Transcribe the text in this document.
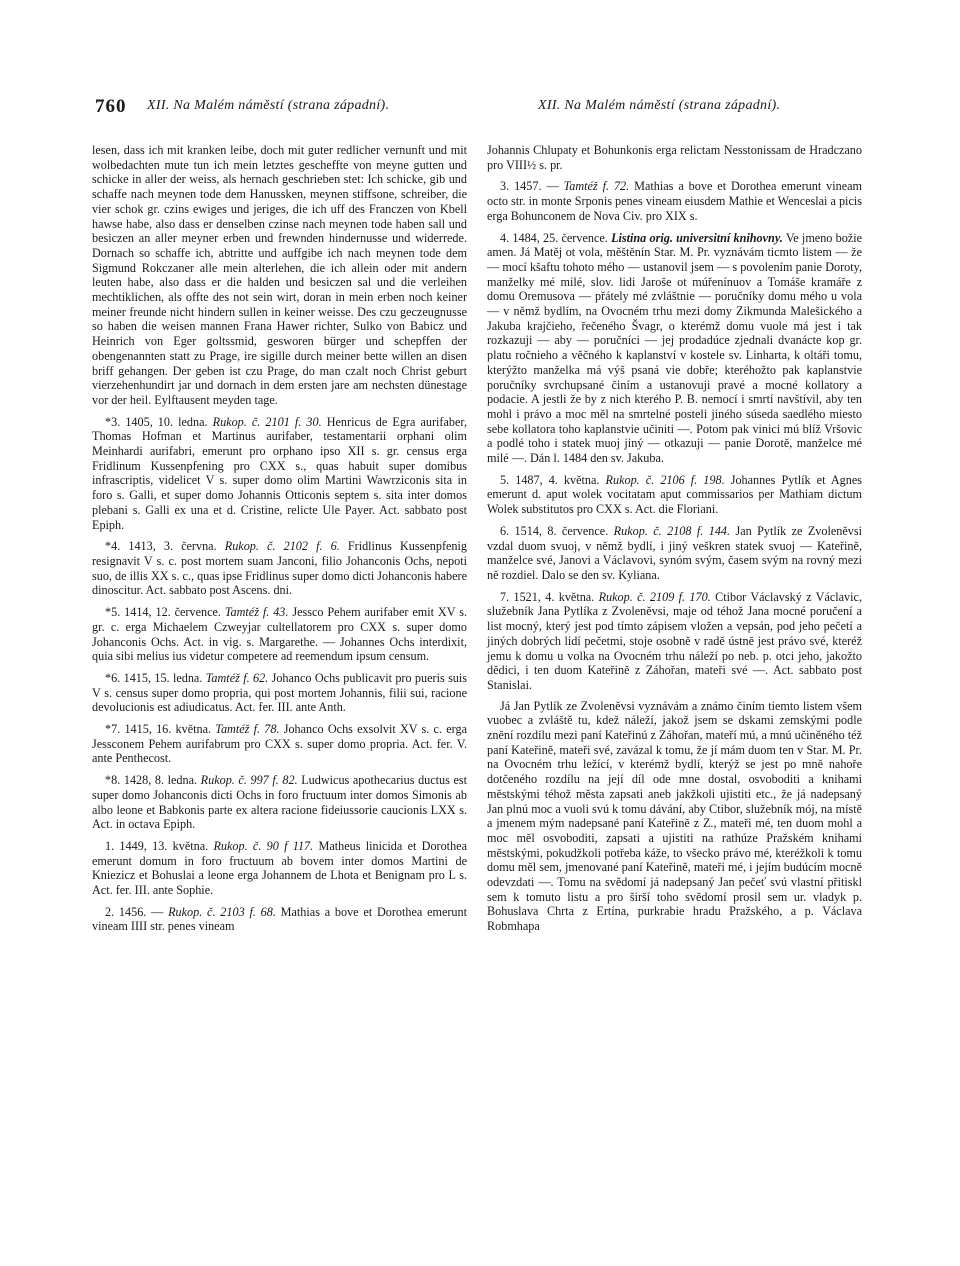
760 XII. Na Malém náměstí (strana západní).	XII. Na Malém náměstí (strana západní).

lesen, dass ich mit kranken leibe, doch mit guter redlicher vernunft und mit wolbedachten mute tun ich mein letztes gescheffte von meyne gutten und schicke in aller der weiss, als hernach geschrieben stet: Ich schicke, gib und schaffe nach meynen tode dem Hanussken, meynen stiffsone, schreiber, die vier schok gr. czins ewiges und jeriges, die ich uff des Franczen von Kbell hawse habe, also dass er denselben czinse nach meynen tode haben sall und besiczen an aller meyner erben und frewnden hindernusse und widerrede. Dornach so schaffe ich, abtritte und auffgibe ich nach meynen tode dem Sigmund Rokczaner alle mein alterlehen, die ich allein oder mit andern leuten habe, also dass er die halden und besiczen sal und die verleihen mechtiklichen, als offte des not sein wirt, doran in mein erben noch keiner meiner freunde nicht hindern sullen in keiner weisse. Des czu geczeugnusse so haben die weisen mannen Frana Hawer richter, Sulko von Babicz und Heinrich von Eger goltssmid, gesworen bürger und schepffen der obengenannten statt zu Prage, ire sigille durch meiner bette willen an disen briff gehangen. Der geben ist czu Prage, do man czalt noch Christ geburt vierzehenhundirt jar und dornach in dem ersten jare am nechsten dünestage vor der heil. Eylftausent meyden tage.

*3. 1405, 10. ledna. Rukop. č. 2101 f. 30. Henricus de Egra aurifaber, Thomas Hofman et Martinus aurifaber, testamentarii orphani olim Meinhardi aurifabri, emerunt pro orphano ipso XII s. gr. census erga Fridlinum Kussenpfening pro CXX s., quas habuit super domibus infrascriptis, videlicet V s. super domo olim Martini Wawrziconis sita in foro s. Galli, et super domo Johannis Otticonis septem s. sita inter domos plebani s. Galli ex una et d. Cristine, relicte Ule Payer. Act. sabbato post Epiph.

*4. 1413, 3. června. Rukop. č. 2102 f. 6. Fridlinus Kussenpfenig resignavit V s. c. post mortem suam Janconi, filio Johanconis Ochs, nepoti suo, de illis XX s. c., quas ipse Fridlinus super domo dicti Johanconis habere dinoscitur. Act. sabbato post Ascens. dni.

*5. 1414, 12. července. Tamtéž f. 43. Jessco Pehem aurifaber emit XV s. gr. c. erga Michaelem Czweyjar cultellatorem pro CXX s. super domo Johanconis Ochs. Act. in vig. s. Margarethe. — Johannes Ochs interdixit, quia sibi melius ius videtur competere ad reemendum ipsum censum.

*6. 1415, 15. ledna. Tamtéž f. 62. Johanco Ochs publicavit pro pueris suis V s. census super domo propria, qui post mortem Johannis, filii sui, racione devolucionis est adiudicatus. Act. fer. III. ante Anth.

*7. 1415, 16. května. Tamtéž f. 78. Johanco Ochs exsolvit XV s. c. erga Jessconem Pehem aurifabrum pro CXX s. super domo propria. Act. fer. V. ante Penthecost.

*8. 1428, 8. ledna. Rukop. č. 997 f. 82. Ludwicus apothecarius ductus est super domo Johanconis dicti Ochs in foro fructuum inter domos Simonis ab albo leone et Babkonis parte ex altera racione fideiussorie caucionis LXX s. Act. in octava Epiph.

1. 1449, 13. května. Rukop. č. 90 f 117. Matheus linicida et Dorothea emerunt domum in foro fructuum ab bovem inter domos Martini de Kniezicz et Bohuslai a leone erga Johannem de Lhota et Benignam pro L s. Act. fer. III. ante Sophie.

2. 1456. — Rukop. č. 2103 f. 68. Mathias a bove et Dorothea emerunt vineam IIII str. penes vineam

Johannis Chlupaty et Bohunkonis erga relictam Nesstonissam de Hradczano pro VIII½ s. pr.

3. 1457. — Tamtéž f. 72. Mathias a bove et Dorothea emerunt vineam octo str. in monte Srponis penes vineam eiusdem Mathie et Wenceslai a picis erga Bohunconem de Nova Civ. pro XIX s.

4. 1484, 25. července. Listina orig. universitní knihovny. Ve jmeno božie amen. Já Matěj ot vola, měštěnín Star. M. Pr. vyznávám ticmto listem — že — mocí kšaftu tohoto mého — ustanovil jsem — s povolením panie Doroty, manželky mé milé, slov. lidi Jaroše ot múřenínuov a Tomáše kramáře z domu Oremusova — přátely mé zvláštnie — poručníky domu mého u vola — v němž bydlím, na Ovocném trhu mezi domy Zikmunda Malešického a Jakuba krajčieho, řečeného Švagr, o kterémž domu vuole má jest i tak rozkazuji — aby — poručníci — jej prodadúce zjednali dvanácte kop gr. platu ročnieho a věčného k kaplanství v kostele sv. Linharta, k oltáři tomu, kterýžto manželka má výš psaná vie dobře; kteréhožto pak kaplanstvie poručníky svrchupsané činím a ustanovuji pravé a mocné kollatory a podacie. A jestli že by z nich kterého P. B. nemocí i smrtí navštívil, aby ten mohl i právo a moc měl na smrtelné posteli jiného súseda saedlého miesto sebe kollatora toho kaplanstvie učiniti —. Potom pak vinici mú blíž Vršovic a podlé toho i statek muoj jiný — otkazuji — panie Dorotě, manželce mé milé —. Dán l. 1484 den sv. Jakuba.

5. 1487, 4. května. Rukop. č. 2106 f. 198. Johannes Pytlík et Agnes emerunt d. aput wolek vocitatam aput commissarios per Mathiam dictum Wolek substitutos pro CXX s. Act. die Floriani.

6. 1514, 8. července. Rukop. č. 2108 f. 144. Jan Pytlík ze Zvoleněvsi vzdal duom svuoj, v němž bydlí, i jiný veškren statek svuoj — Kateřině, manželce své, Janovi a Václavovi, synóm svým, časem svým na rovný mezi ně rozdiel. Dalo se den sv. Kyliana.

7. 1521, 4. května. Rukop. č. 2109 f. 170. Ctibor Václavský z Václavic, služebník Jana Pytlíka z Zvoleněvsi, maje od téhož Jana mocné poručení a list mocný, který jest pod tímto zápisem vložen a vepsán, pod jeho pečetí a jiných dobrých lidí pečetmi, stoje osobně v radě ústně jest právo své, kteréž jemu k domu u volka na Ovocném trhu náleží po neb. p. otci jeho, jakožto dědici, i ten duom Kateřině z Záhořan, mateři své —. Act. sabbato post Stanislai.

Já Jan Pytlík ze Zvoleněvsi vyznávám a známo činím tiemto listem všem vuobec a zvláště tu, kdež náleží, jakož jsem se dskami zemskými podle znění rozdílu mezi paní Kateřinú z Záhořan, mateří mú, a mnú učiněného též paní Kateřině, mateři své, zavázal k tomu, že jí mám duom ten v Star. M. Pr. na Ovocném trhu ležící, v kterémž bydlí, kterýž se jest po mně nahoře dotčeného rozdílu na její díl ode mne dostal, osvoboditi a knihami městskými téhož města zapsati aneb jakžkoli ujistiti etc., že já nadepsaný Jan plnú moc a vuoli svú k tomu dávání, aby Ctibor, služebník mój, na místě a jmenem mým nadepsané paní Kateřině z Z., mateři mé, ten duom mohl a moc měl osvoboditi, zapsati a ujistiti na rathúze Pražském knihami městskými, pokudžkoli potřeba káže, to všecko právo mé, kteréžkoli k tomu domu měl sem, jmenované paní Kateřině, mateři mé, i jejím budúcím mocně odevzdati —. Tomu na svědomí já nadepsaný Jan pečeť svú vlastní přitiskl sem k tomuto listu a pro širší toho svědomí prosil sem ur. vladyk p. Bohuslava Chrta z Ertína, purkrabie hradu Pražského, a p. Václava Robmhapa
